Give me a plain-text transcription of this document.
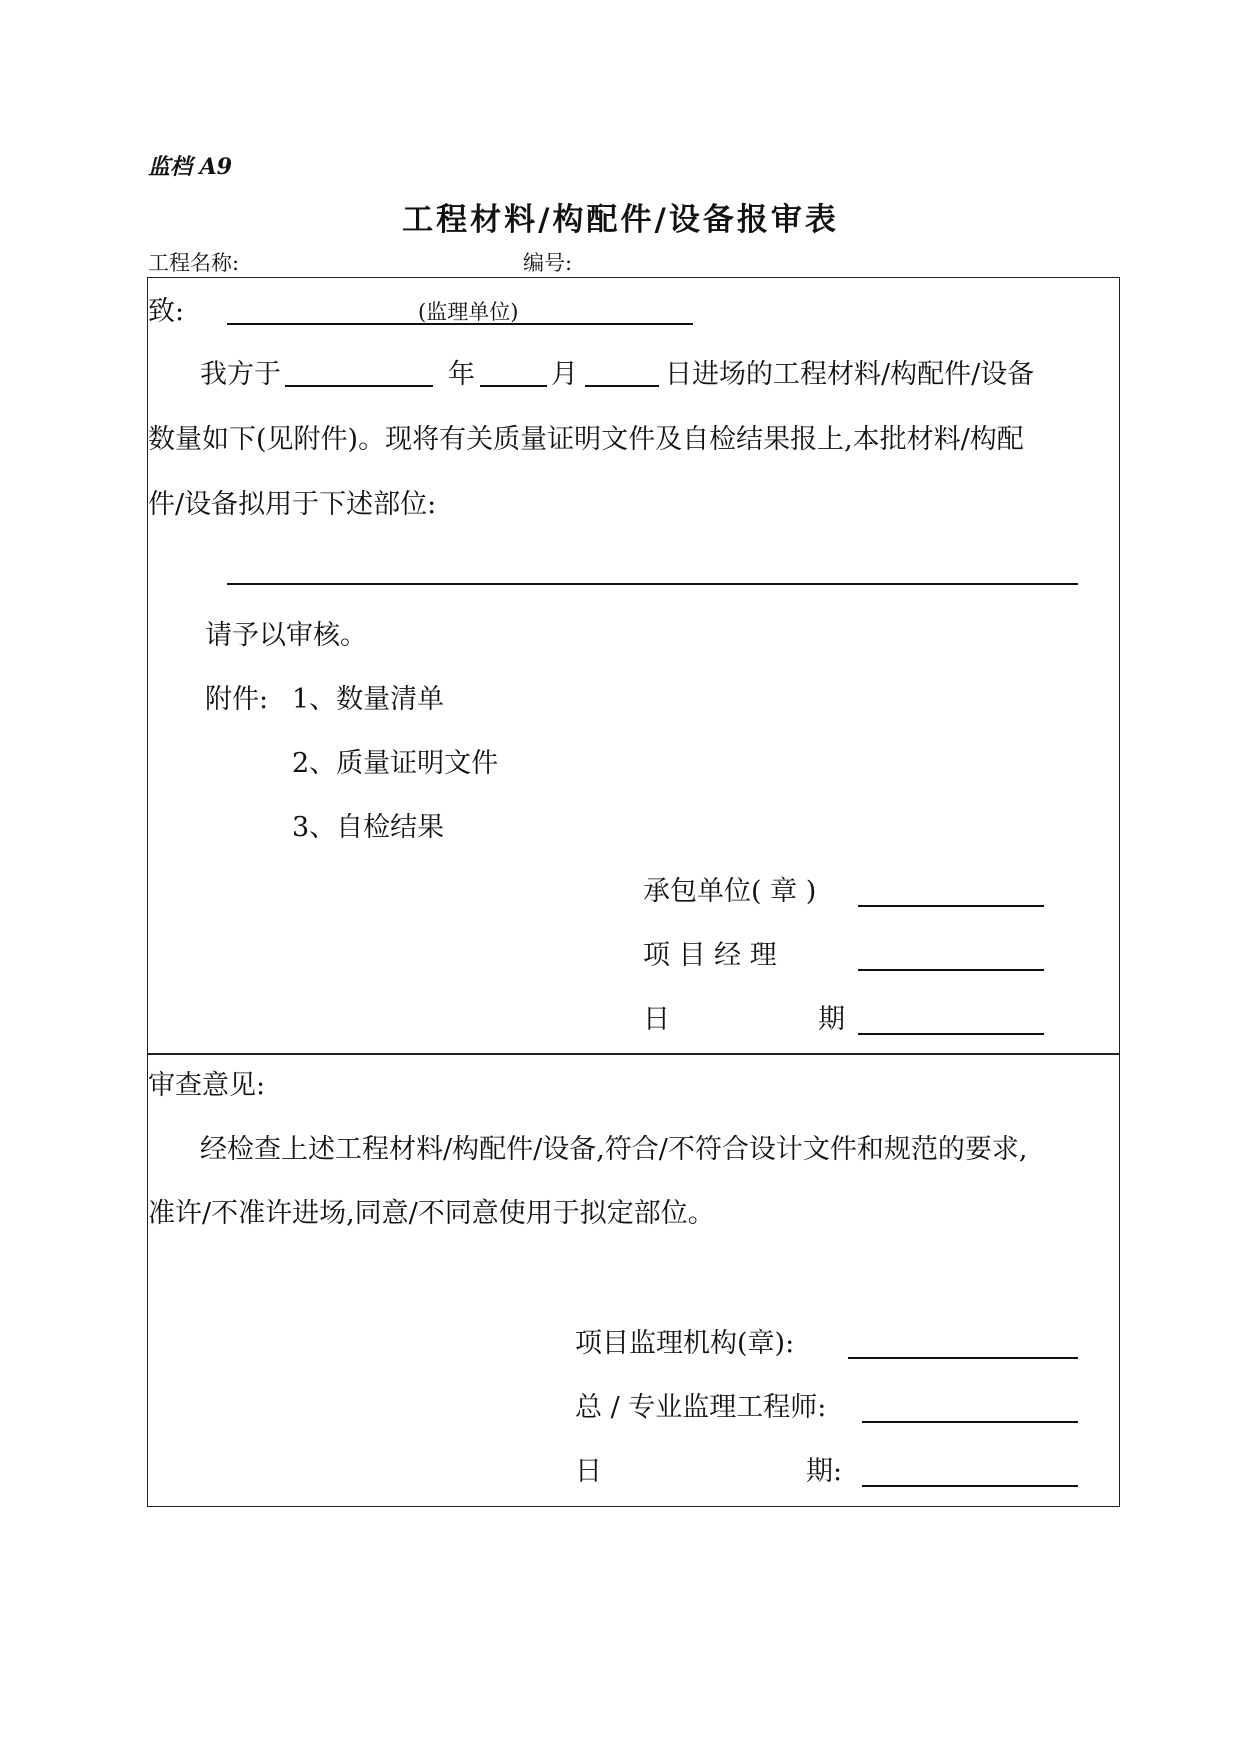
监档 A9
工程材料/构配件/设备报审表
工程名称:	编号:
致:	(监理单位)
我方于	年	月	日进场的工程材料/构配件/设备
数量如下(见附件)。现将有关质量证明文件及自检结果报上,本批材料/构配
件/设备拟用于下述部位:
请予以审核。
附件: 1、数量清单
2、质量证明文件
3、自检结果
承包单位( 章 )
项 目 经 理
日	期
审查意见:
经检查上述工程材料/构配件/设备,符合/不符合设计文件和规范的要求,
准许/不准许进场,同意/不同意使用于拟定部位。
项目监理机构(章):
总 / 专业监理工程师:
日	期:
